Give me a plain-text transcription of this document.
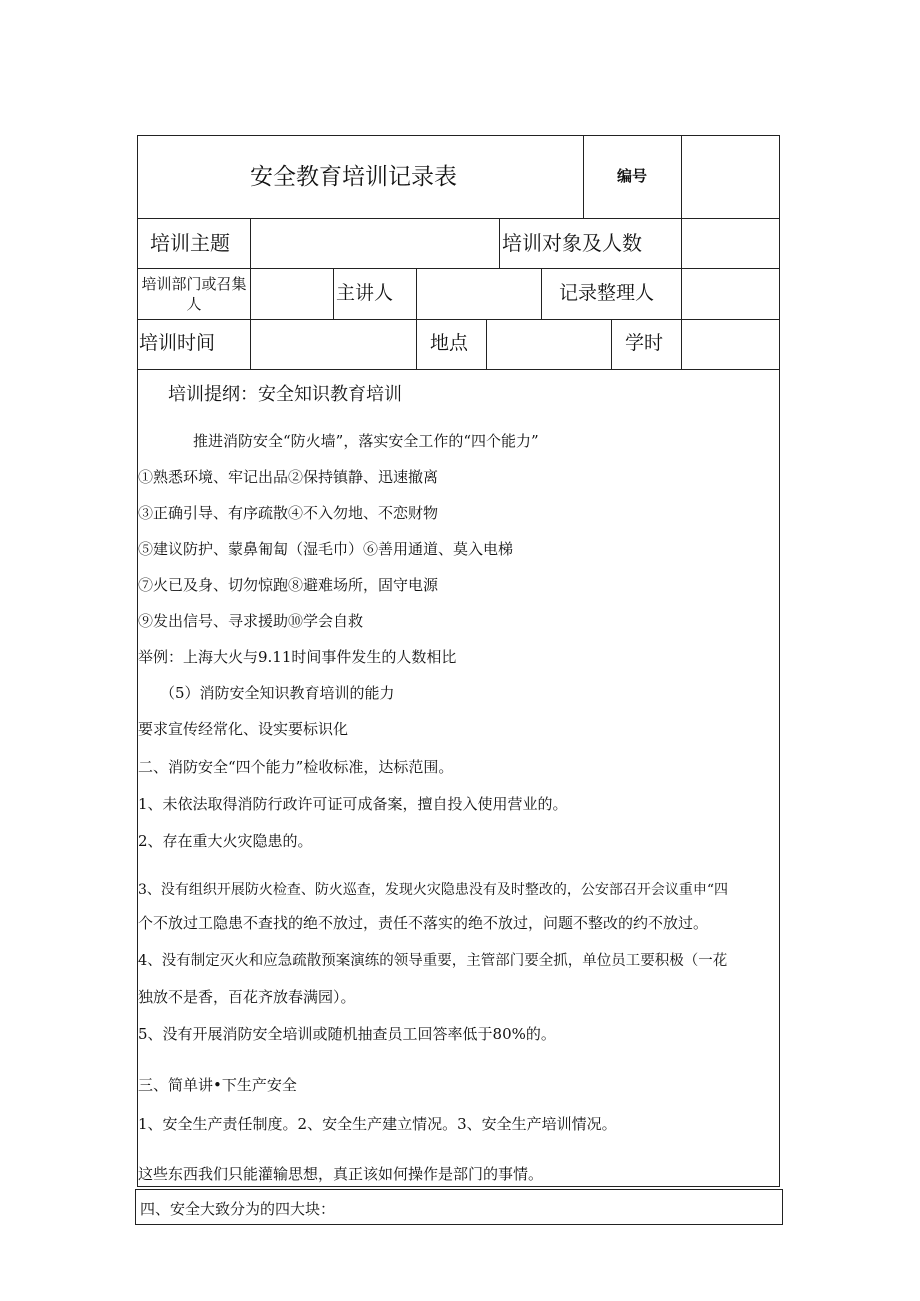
安全教育培训记录表	编号
培训主题	培训对象及人数
培训部门或召集人	主讲人	记录整理人
培训时间	地点	学时
培训提纲：安全知识教育培训
推进消防安全“防火墙”，落实安全工作的“四个能力”
①熟悉环境、牢记出品②保持镇静、迅速撤离
③正确引导、有序疏散④不入勿地、不恋财物
⑤建议防护、蒙鼻匍匐（湿毛巾）⑥善用通道、莫入电梯
⑦火已及身、切勿惊跑⑧避难场所，固守电源
⑨发出信号、寻求援助⑩学会自救
举例：上海大火与9.11时间事件发生的人数相比
（5）消防安全知识教育培训的能力
要求宣传经常化、设实要标识化
二、消防安全“四个能力”检收标准，达标范围。
1、未依法取得消防行政许可证可成备案，擅自投入使用营业的。
2、存在重大火灾隐患的。
3、没有组织开展防火检查、防火巡查，发现火灾隐患没有及时整改的，公安部召开会议重申“四
个不放过工隐患不查找的绝不放过，责任不落实的绝不放过，问题不整改的约不放过。
4、没有制定灭火和应急疏散预案演练的领导重要，主管部门要全抓，单位员工要积极（一花
独放不是香，百花齐放春满园）。
5、没有开展消防安全培训或随机抽查员工回答率低于80%的。
三、简单讲•下生产安全
1、安全生产责任制度。2、安全生产建立情况。3、安全生产培训情况。
这些东西我们只能灌输思想，真正该如何操作是部门的事情。
四、安全大致分为的四大块：
